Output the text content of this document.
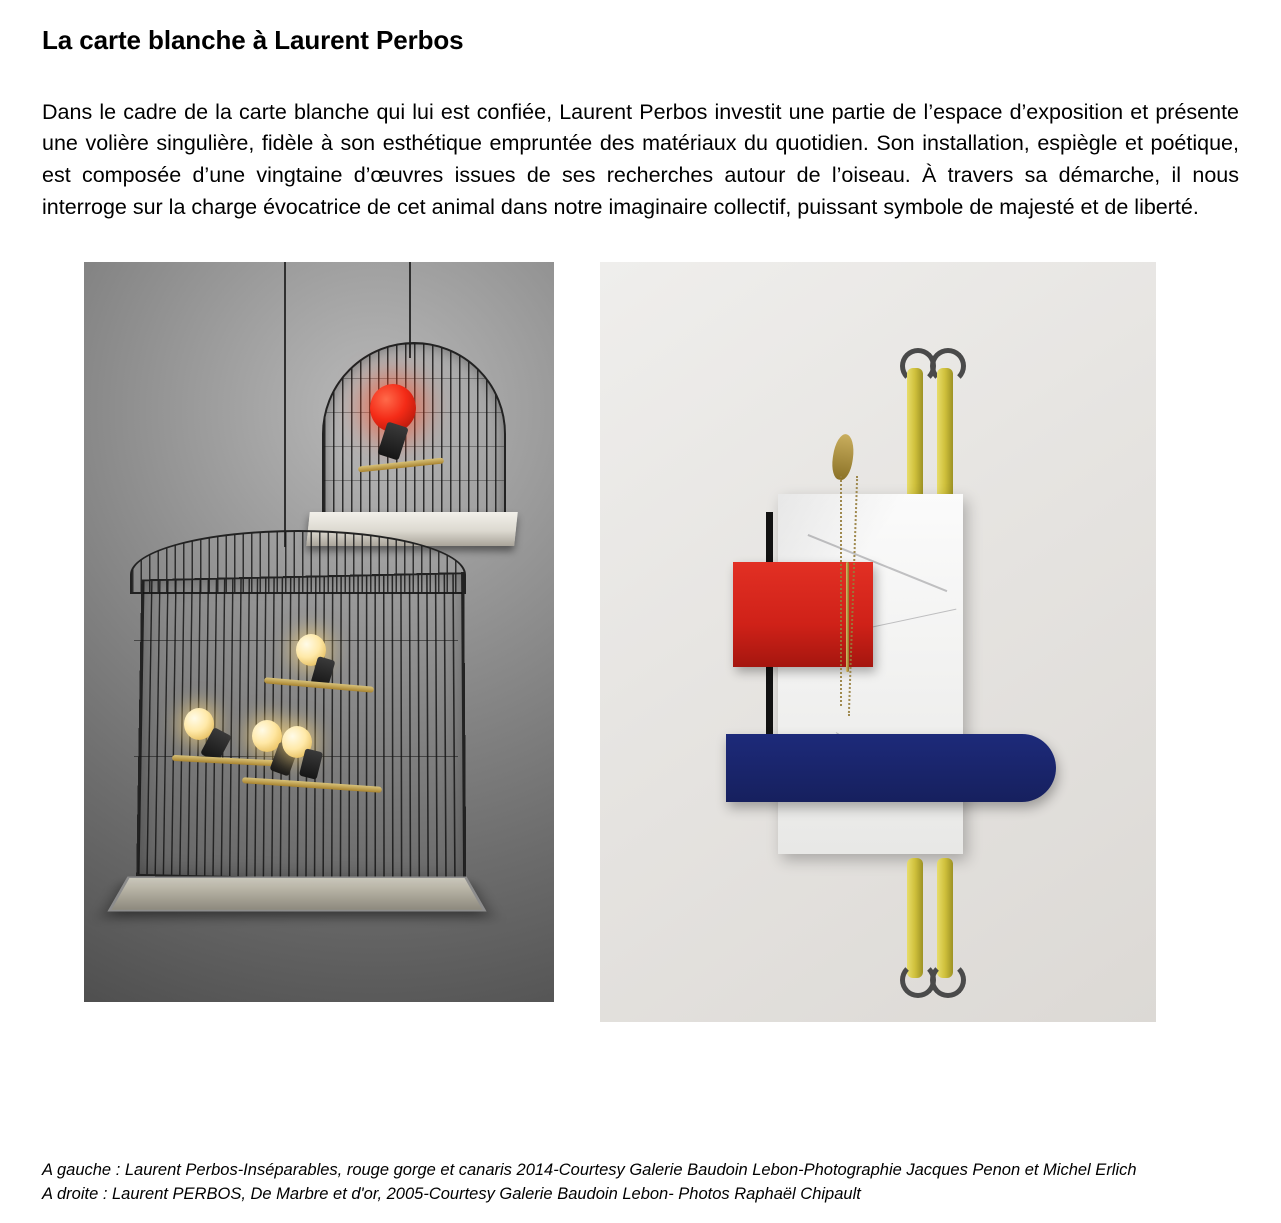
La carte blanche à Laurent Perbos

Dans le cadre de la carte blanche qui lui est confiée, Laurent Perbos investit une partie de l’espace d’exposition et présente une volière singulière, fidèle à son esthétique empruntée des matériaux du quotidien. Son installation, espiègle et poétique, est composée d’une vingtaine d’œuvres issues de ses recherches autour de l’oiseau. À travers sa démarche, il nous interroge sur la charge évocatrice de cet animal dans notre imaginaire collectif, puissant symbole de majesté et de liberté.

A gauche : Laurent Perbos-Inséparables, rouge gorge et canaris 2014-Courtesy Galerie Baudoin Lebon-Photographie Jacques Penon et Michel Erlich
A droite : Laurent PERBOS, De Marbre et d'or, 2005-Courtesy Galerie Baudoin Lebon- Photos Raphaël Chipault
